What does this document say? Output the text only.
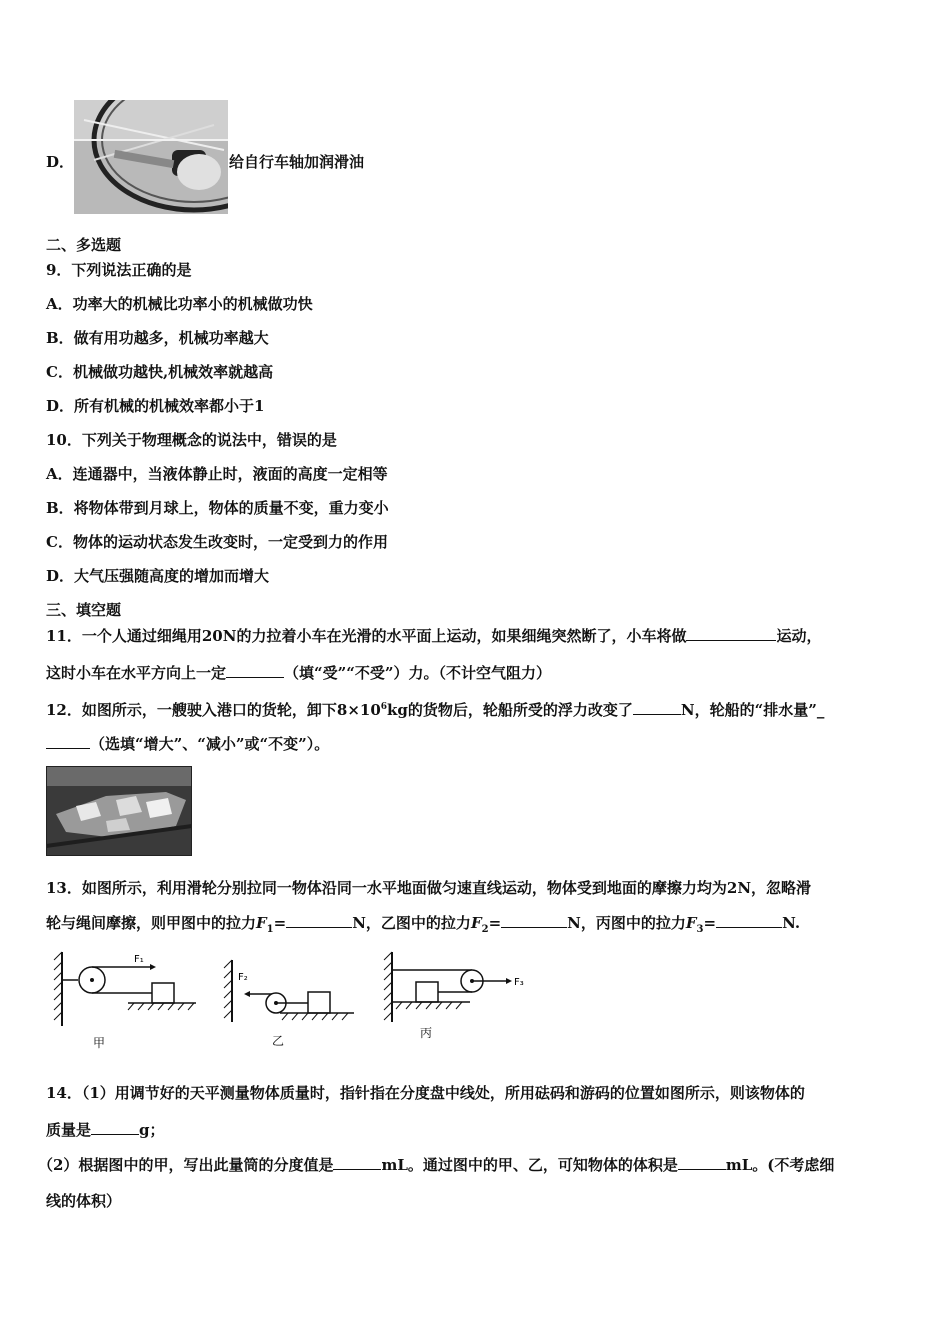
D．	给自行车轴加润滑油
二、多选题
9．下列说法正确的是
A．功率大的机械比功率小的机械做功快
B．做有用功越多，机械功率越大
C．机械做功越快,机械效率就越高
D．所有机械的机械效率都小于1
10．下列关于物理概念的说法中，错误的是
A．连通器中，当液体静止时，液面的高度一定相等
B．将物体带到月球上，物体的质量不变，重力变小
C．物体的运动状态发生改变时，一定受到力的作用
D．大气压强随高度的增加而增大
三、填空题
11．一个人通过细绳用20N的力拉着小车在光滑的水平面上运动，如果细绳突然断了，小车将做	运动，
这时小车在水平方向上一定	（填“受”“不受”）力。（不计空气阻力）
12．如图所示，一艘驶入港口的货轮，卸下$8\times 10^6kg$的货物后，轮船所受的浮力改变了	N，轮船的“排水量”_
（选填“增大”、“减小”或“不变”）。
13．如图所示，利用滑轮分别拉同一物体沿同一水平地面做匀速直线运动，物体受到地面的摩擦力均为2N，忽略滑
轮与绳间摩擦，则甲图中的拉力$F_1=$	N，乙图中的拉力$F_2=$	N，丙图中的拉力$F_3=$	N.
F₁
甲
F₂
乙
F₃
丙
14．（1）用调节好的天平测量物体质量时，指针指在分度盘中线处，所用砝码和游码的位置如图所示，则该物体的
质量是	g；
（2）根据图中的甲，写出此量筒的分度值是	mL。通过图中的甲、乙，可知物体的体积是	mL。(不考虑细
线的体积）
